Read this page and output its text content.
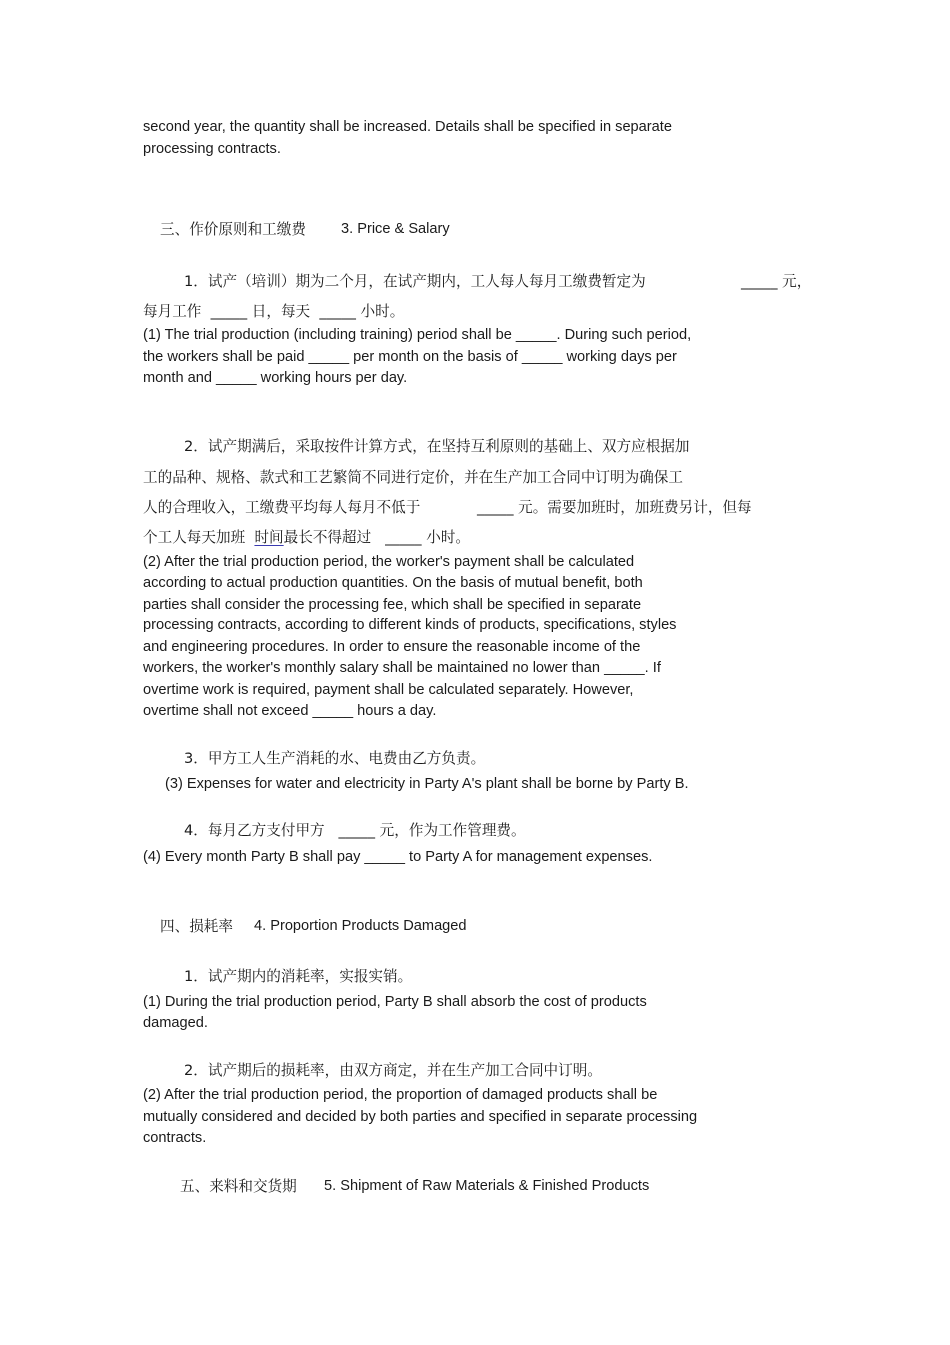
second year, the quantity shall be increased. Details shall be specified in separate

processing contracts.

三、作价原则和工缴费 3. Price & Salary

1．试产（培训）期为二个月，在试产期内，工人每人每月工缴费暂定为	_____ 元，

每月工作  _____ 日，每天  _____ 小时。

(1) The trial production (including training) period shall be _____. During such period,

the workers shall be paid _____ per month on the basis of _____ working days per

month and _____ working hours per day.

2．试产期满后，采取按件计算方式，在坚持互利原则的基础上、双方应根据加

工的品种、规格、款式和工艺繁简不同进行定价，并在生产加工合同中订明为确保工

人的合理收入，工缴费平均每人每月不低于	_____ 元。需要加班时，加班费另计，但每

个工人每天加班  时间最长不得超过   _____ 小时。

(2) After the trial production period, the worker's payment shall be calculated

according to actual production quantities. On the basis of mutual benefit, both

parties shall consider the processing fee, which shall be specified in separate

processing contracts, according to different kinds of products, specifications, styles

and engineering procedures. In order to ensure the reasonable income of the

workers, the worker's monthly salary shall be maintained no lower than _____. If

overtime work is required, payment shall be calculated separately. However,

overtime shall not exceed _____ hours a day.

3．甲方工人生产消耗的水、电费由乙方负责。

(3) Expenses for water and electricity in Party A's plant shall be borne by Party B.

4．每月乙方支付甲方   _____ 元，作为工作管理费。

(4) Every month Party B shall pay _____ to Party A for management expenses.

四、损耗率 4. Proportion Products Damaged

1．试产期内的消耗率，实报实销。

(1) During the trial production period, Party B shall absorb the cost of products

damaged.

2．试产期后的损耗率，由双方商定，并在生产加工合同中订明。

(2) After the trial production period, the proportion of damaged products shall be

mutually considered and decided by both parties and specified in separate processing

contracts.

五、来料和交货期 5. Shipment of Raw Materials & Finished Products
